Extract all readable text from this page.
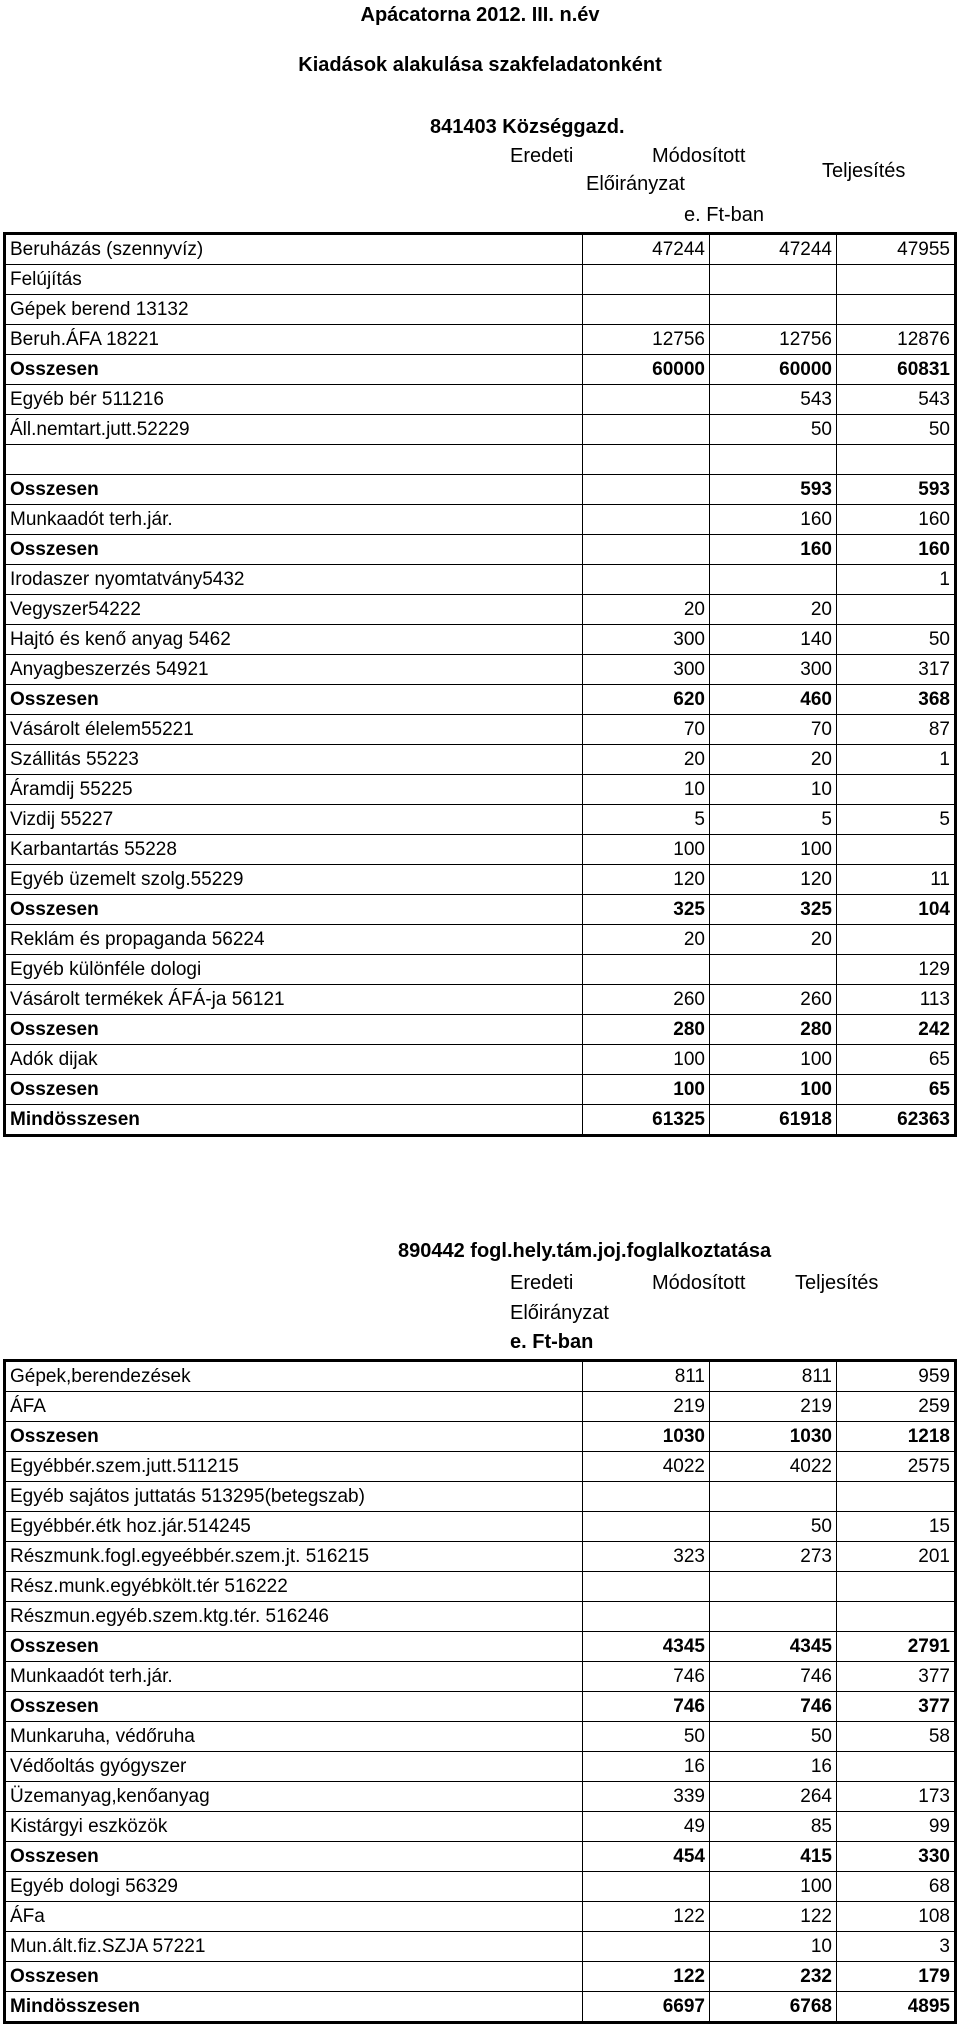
Apácatorna 2012. III. n.év
Kiadások alakulása szakfeladatonként
841403 Községgazd.
Eredeti	Módosított
Előirányzat
Teljesítés
e. Ft-ban
Beruházás (szennyvíz)	47244	47244	47955
Felújítás			
Gépek berend 13132			
Beruh.ÁFA 18221	12756	12756	12876
Osszesen	60000	60000	60831
Egyéb bér 511216		543	543
Áll.nemtart.jutt.52229		50	50

Osszesen		593	593
Munkaadót terh.jár.		160	160
Osszesen		160	160
Irodaszer nyomtatvány5432			1
Vegyszer54222	20	20	
Hajtó és kenő anyag 5462	300	140	50
Anyagbeszerzés 54921	300	300	317
Osszesen	620	460	368
Vásárolt élelem55221	70	70	87
Szállitás 55223	20	20	1
Áramdij 55225	10	10	
Vizdij 55227	5	5	5
Karbantartás 55228	100	100	
Egyéb üzemelt szolg.55229	120	120	11
Osszesen	325	325	104
Reklám és propaganda 56224	20	20	
Egyéb különféle dologi			129
Vásárolt termékek ÁFÁ-ja 56121	260	260	113
Osszesen	280	280	242
Adók dijak	100	100	65
Osszesen	100	100	65
Mindösszesen	61325	61918	62363
890442 fogl.hely.tám.joj.foglalkoztatása
Eredeti	Módosított Teljesítés
Előirányzat
e. Ft-ban
Gépek,berendezések	811	811	959
ÁFA	219	219	259
Osszesen	1030	1030	1218
Egyébbér.szem.jutt.511215	4022	4022	2575
Egyéb sajátos juttatás 513295(betegszab)			
Egyébbér.étk hoz.jár.514245		50	15
Részmunk.fogl.egyeébbér.szem.jt. 516215	323	273	201
Rész.munk.egyébkölt.tér 516222			
Részmun.egyéb.szem.ktg.tér. 516246			
Osszesen	4345	4345	2791
Munkaadót terh.jár.	746	746	377
Osszesen	746	746	377
Munkaruha, védőruha	50	50	58
Védőoltás gyógyszer	16	16	
Üzemanyag,kenőanyag	339	264	173
Kistárgyi eszközök	49	85	99
Osszesen	454	415	330
Egyéb dologi 56329		100	68
ÁFa	122	122	108
Mun.ált.fiz.SZJA 57221		10	3
Osszesen	122	232	179
Mindösszesen	6697	6768	4895
